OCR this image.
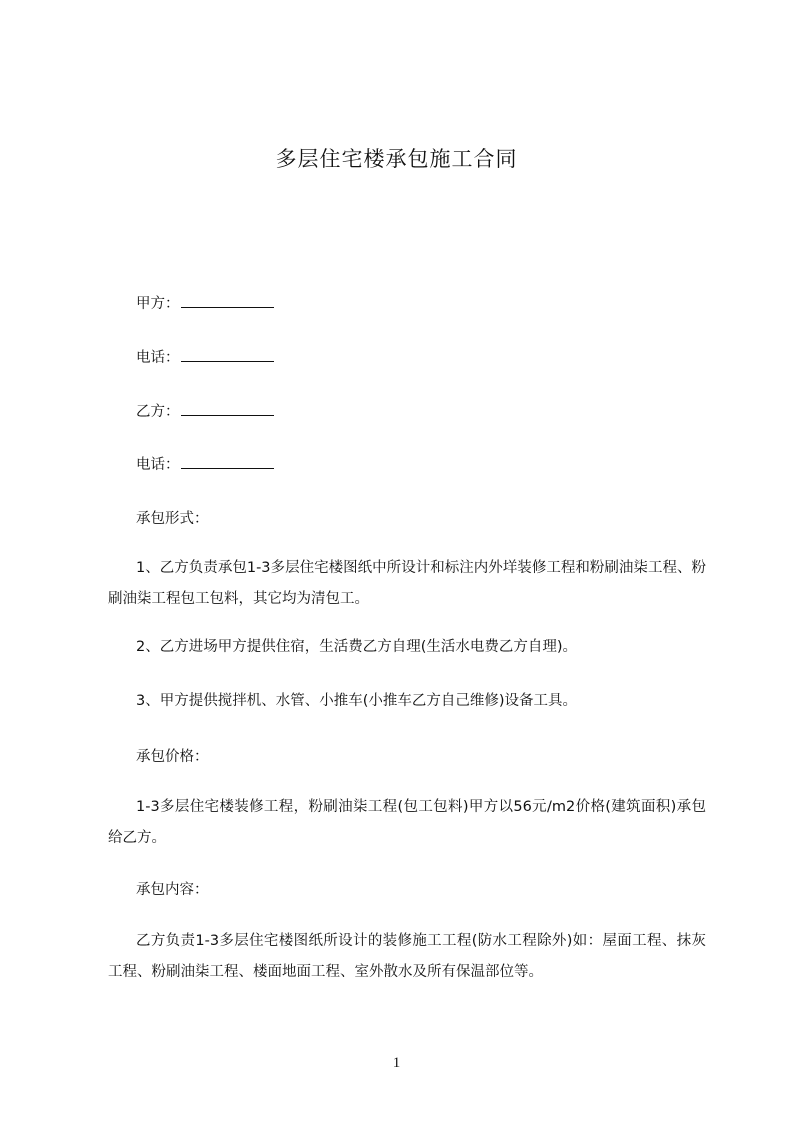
多层住宅楼承包施工合同
甲方：
电话：
乙方：
电话：
承包形式：

1、乙方负责承包1-3多层住宅楼图纸中所设计和标注内外垟装修工程和粉刷油柒工程、粉刷油柒工程包工包料，其它均为清包工。

2、乙方进场甲方提供住宿，生活费乙方自理(生活水电费乙方自理)。

3、甲方提供搅拌机、水管、小推车(小推车乙方自己维修)设备工具。

承包价格：

1-3多层住宅楼装修工程，粉刷油柒工程(包工包料)甲方以56元/m2价格(建筑面积)承包给乙方。

承包内容：

乙方负责1-3多层住宅楼图纸所设计的装修施工工程(防水工程除外)如：屋面工程、抹灰工程、粉刷油柒工程、楼面地面工程、室外散水及所有保温部位等。

1
